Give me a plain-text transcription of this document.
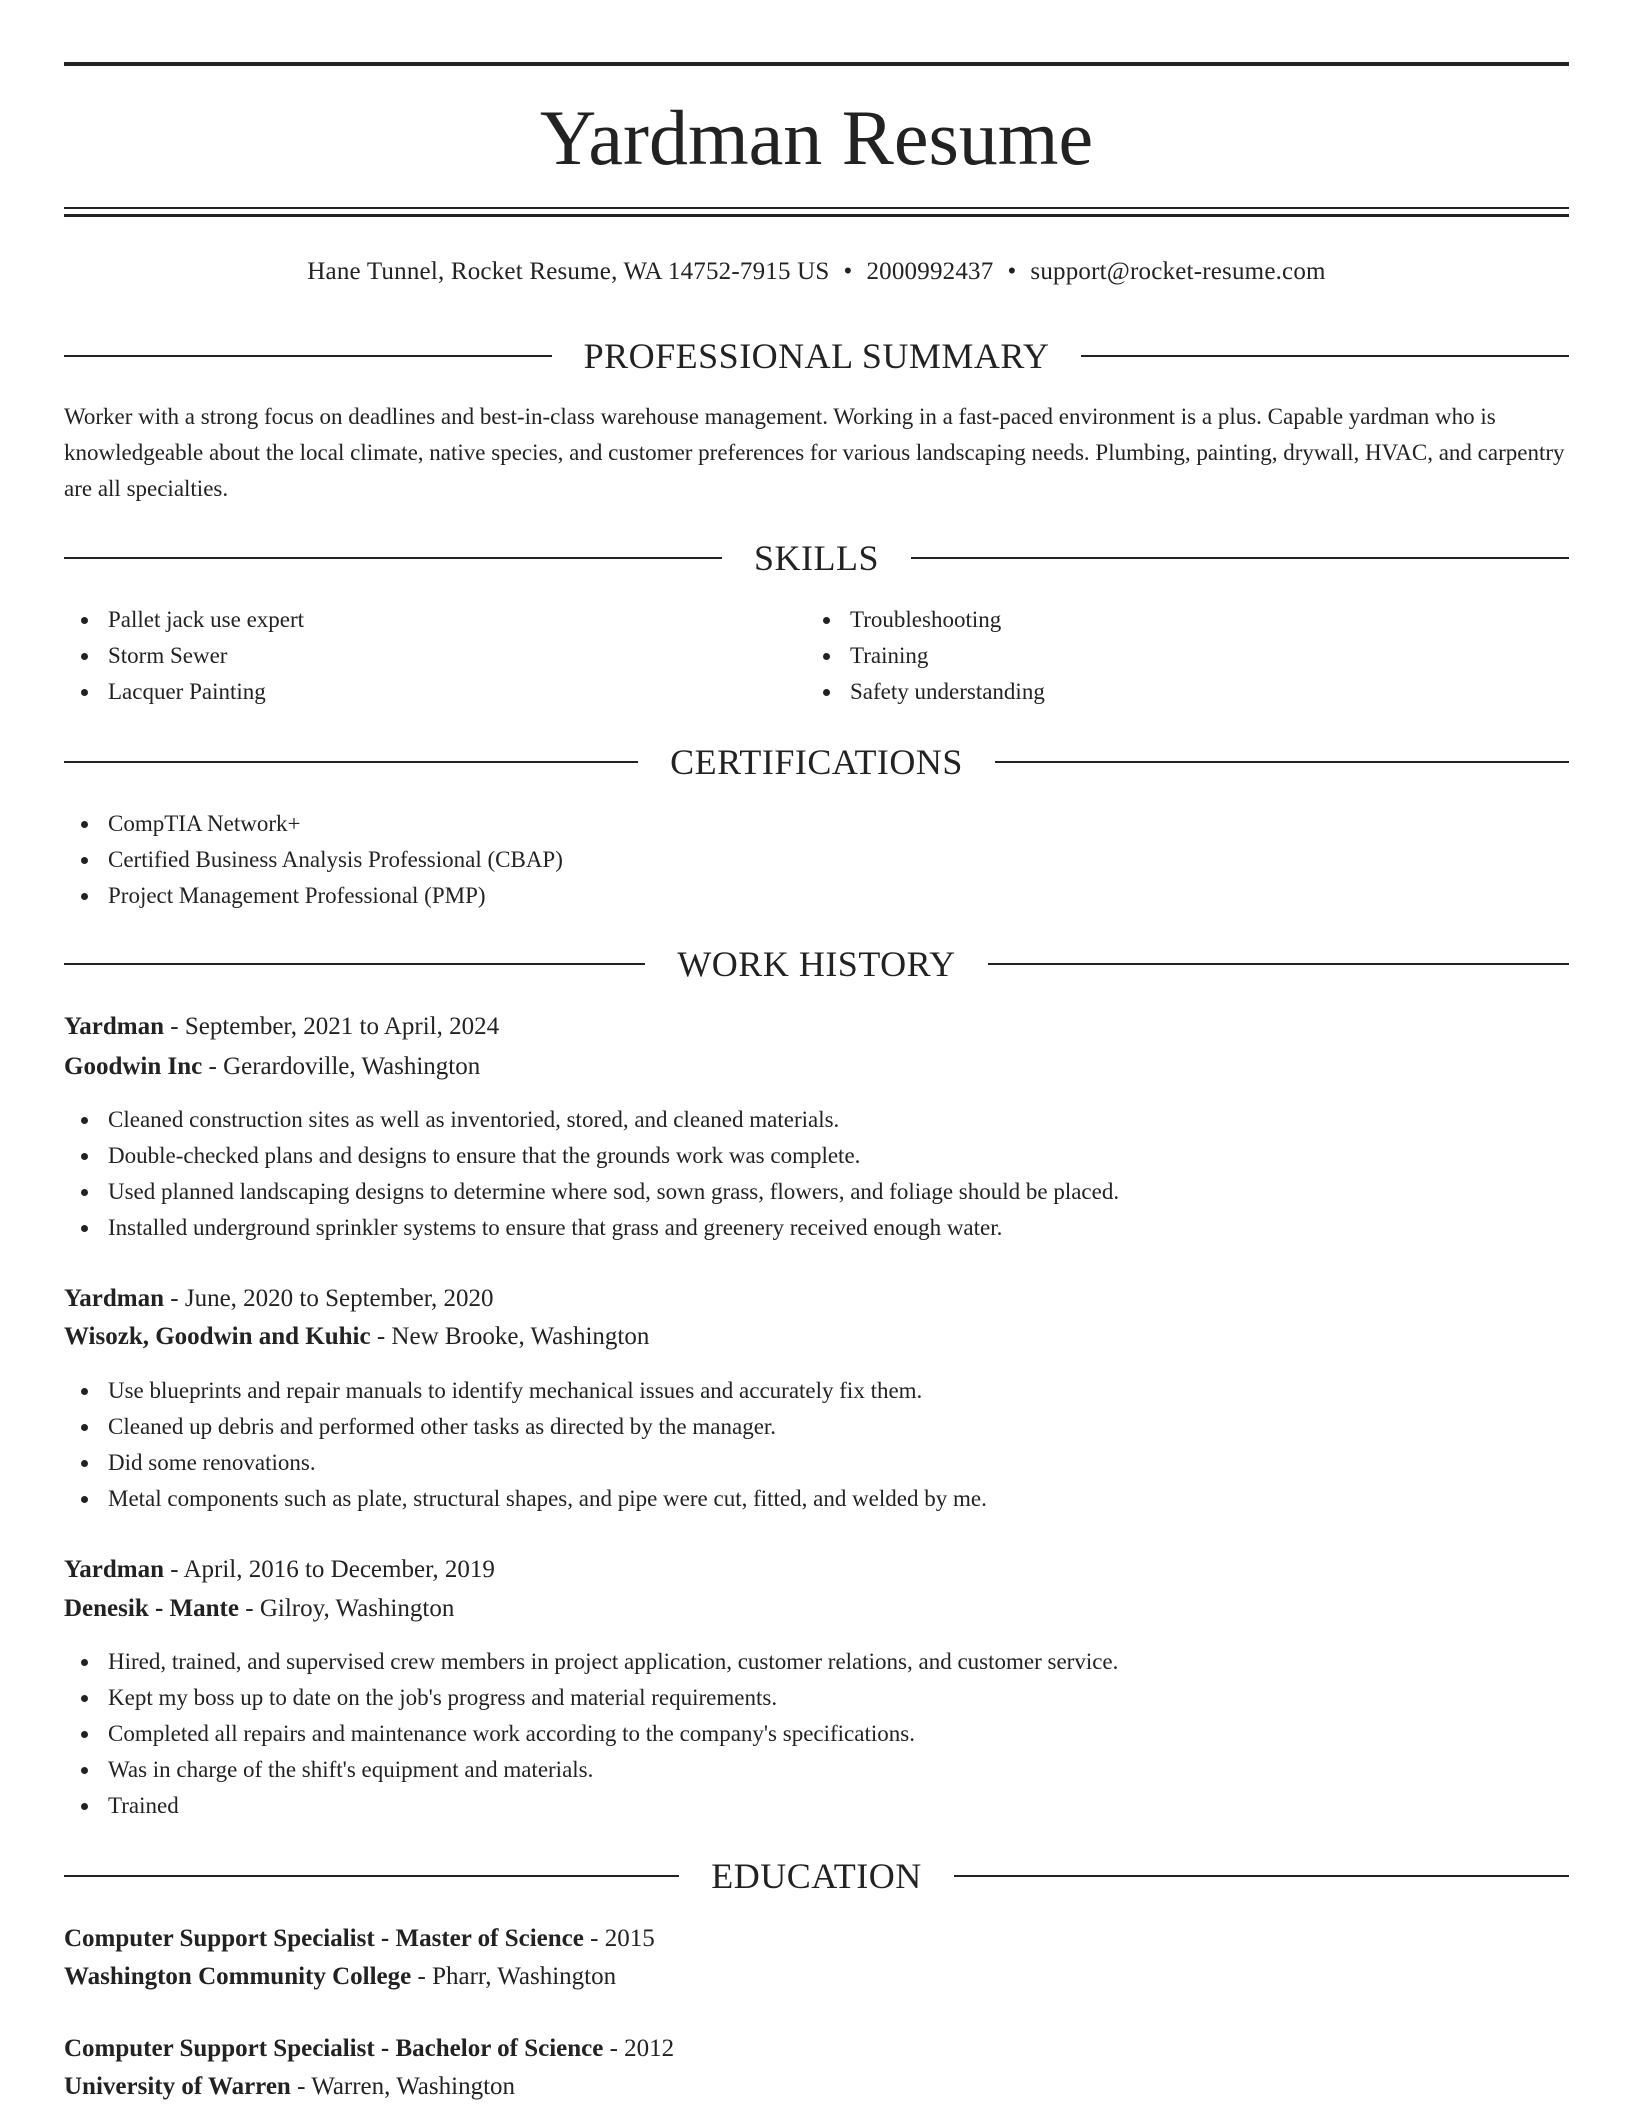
Yardman Resume
Hane Tunnel, Rocket Resume, WA 14752-7915 US • 2000992437 • support@rocket-resume.com
PROFESSIONAL SUMMARY
Worker with a strong focus on deadlines and best-in-class warehouse management. Working in a fast-paced environment is a plus. Capable yardman who is knowledgeable about the local climate, native species, and customer preferences for various landscaping needs. Plumbing, painting, drywall, HVAC, and carpentry are all specialties.
SKILLS
Pallet jack use expert
Storm Sewer
Lacquer Painting
Troubleshooting
Training
Safety understanding
CERTIFICATIONS
CompTIA Network+
Certified Business Analysis Professional (CBAP)
Project Management Professional (PMP)
WORK HISTORY
Yardman - September, 2021 to April, 2024
Goodwin Inc - Gerardoville, Washington
Cleaned construction sites as well as inventoried, stored, and cleaned materials.
Double-checked plans and designs to ensure that the grounds work was complete.
Used planned landscaping designs to determine where sod, sown grass, flowers, and foliage should be placed.
Installed underground sprinkler systems to ensure that grass and greenery received enough water.
Yardman - June, 2020 to September, 2020
Wisozk, Goodwin and Kuhic - New Brooke, Washington
Use blueprints and repair manuals to identify mechanical issues and accurately fix them.
Cleaned up debris and performed other tasks as directed by the manager.
Did some renovations.
Metal components such as plate, structural shapes, and pipe were cut, fitted, and welded by me.
Yardman - April, 2016 to December, 2019
Denesik - Mante - Gilroy, Washington
Hired, trained, and supervised crew members in project application, customer relations, and customer service.
Kept my boss up to date on the job's progress and material requirements.
Completed all repairs and maintenance work according to the company's specifications.
Was in charge of the shift's equipment and materials.
Trained
EDUCATION
Computer Support Specialist - Master of Science - 2015
Washington Community College - Pharr, Washington
Computer Support Specialist - Bachelor of Science - 2012
University of Warren - Warren, Washington
